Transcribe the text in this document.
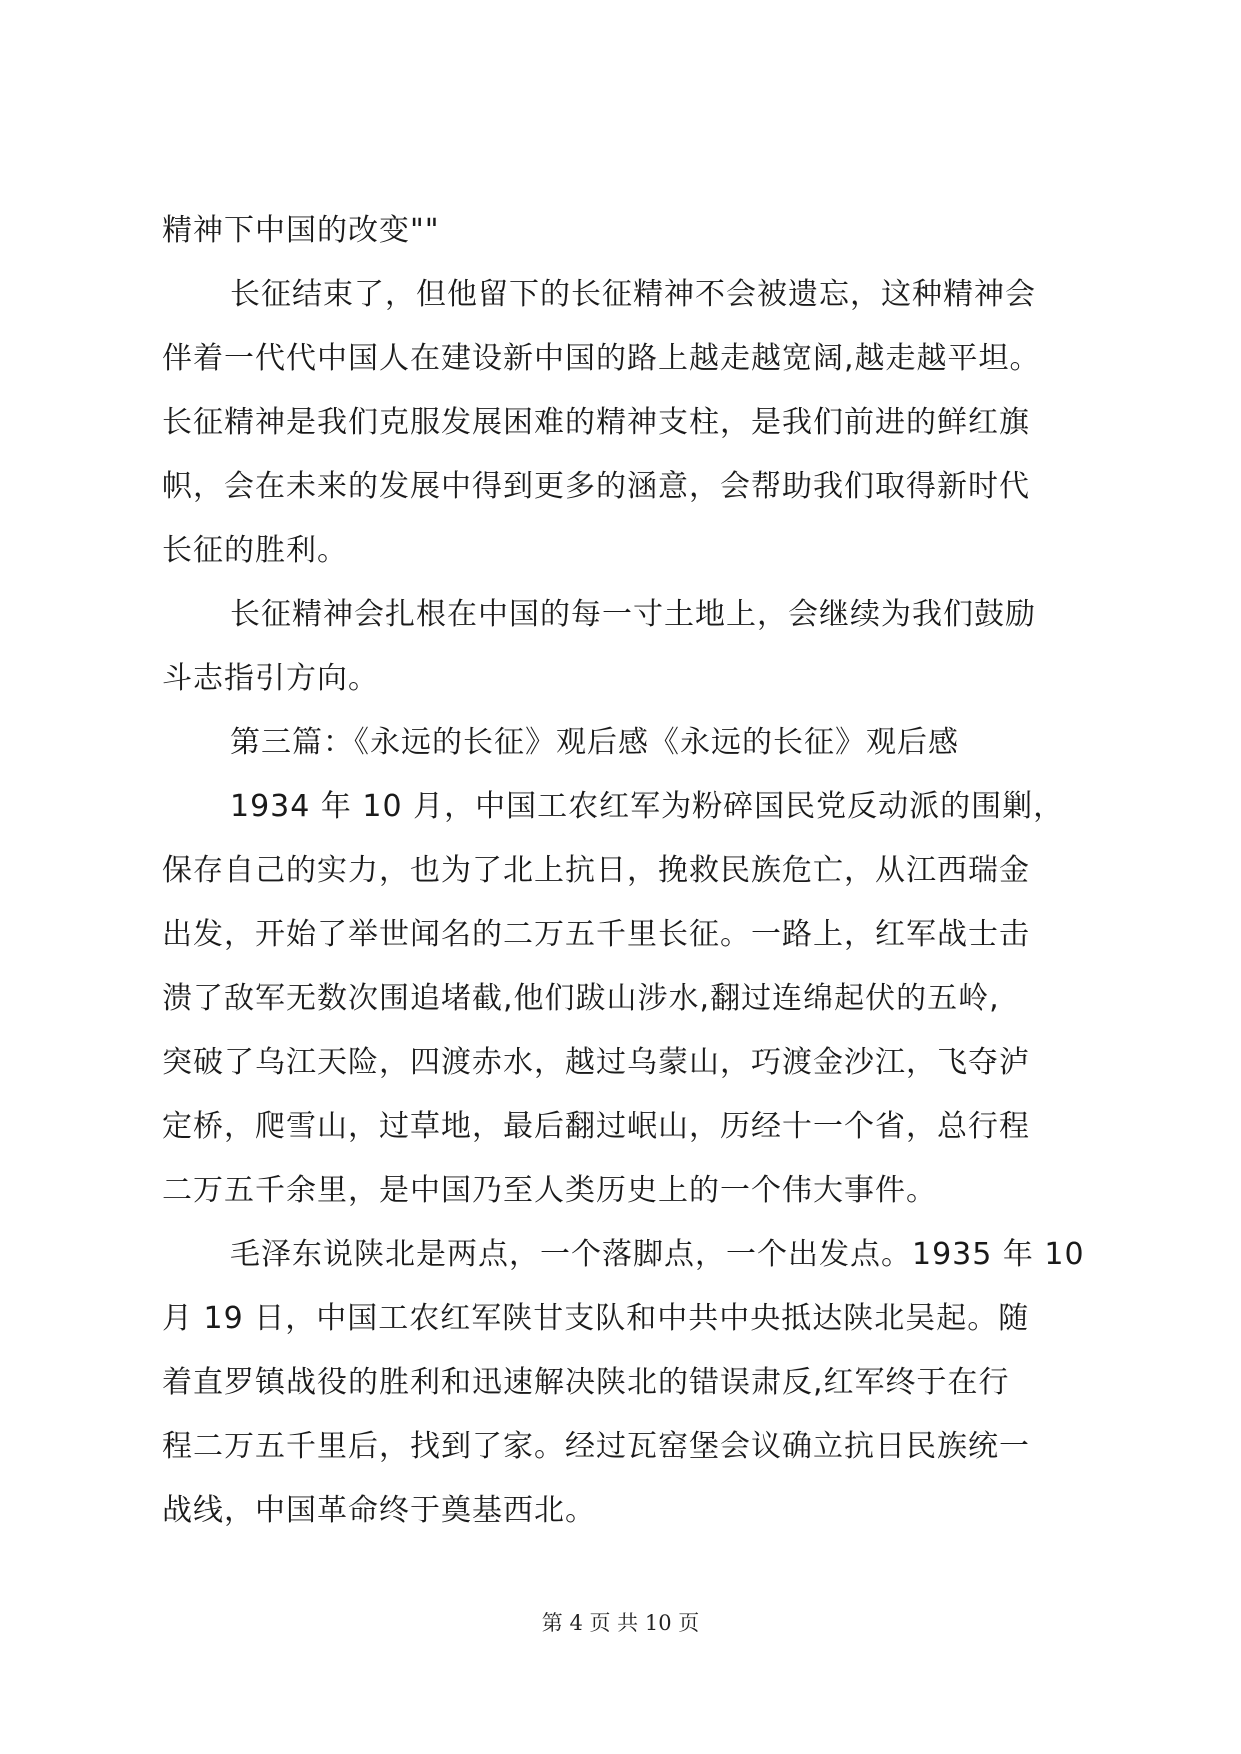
精神下中国的改变""
长征结束了，但他留下的长征精神不会被遗忘，这种精神会
伴着一代代中国人在建设新中国的路上越走越宽阔,越走越平坦。
长征精神是我们克服发展困难的精神支柱，是我们前进的鲜红旗
帜，会在未来的发展中得到更多的涵意，会帮助我们取得新时代
长征的胜利。
长征精神会扎根在中国的每一寸土地上，会继续为我们鼓励
斗志指引方向。
第三篇：《永远的长征》观后感《永远的长征》观后感
1934 年 10 月，中国工农红军为粉碎国民党反动派的围剿，
保存自己的实力，也为了北上抗日，挽救民族危亡，从江西瑞金
出发，开始了举世闻名的二万五千里长征。一路上，红军战士击
溃了敌军无数次围追堵截,他们跋山涉水,翻过连绵起伏的五岭,
突破了乌江天险，四渡赤水，越过乌蒙山，巧渡金沙江，飞夺泸
定桥，爬雪山，过草地，最后翻过岷山，历经十一个省，总行程
二万五千余里，是中国乃至人类历史上的一个伟大事件。
毛泽东说陕北是两点，一个落脚点，一个出发点。1935 年 10
月 19 日，中国工农红军陕甘支队和中共中央抵达陕北吴起。随
着直罗镇战役的胜利和迅速解决陕北的错误肃反,红军终于在行
程二万五千里后，找到了家。经过瓦窑堡会议确立抗日民族统一
战线，中国革命终于奠基西北。
第 4 页 共 10 页
